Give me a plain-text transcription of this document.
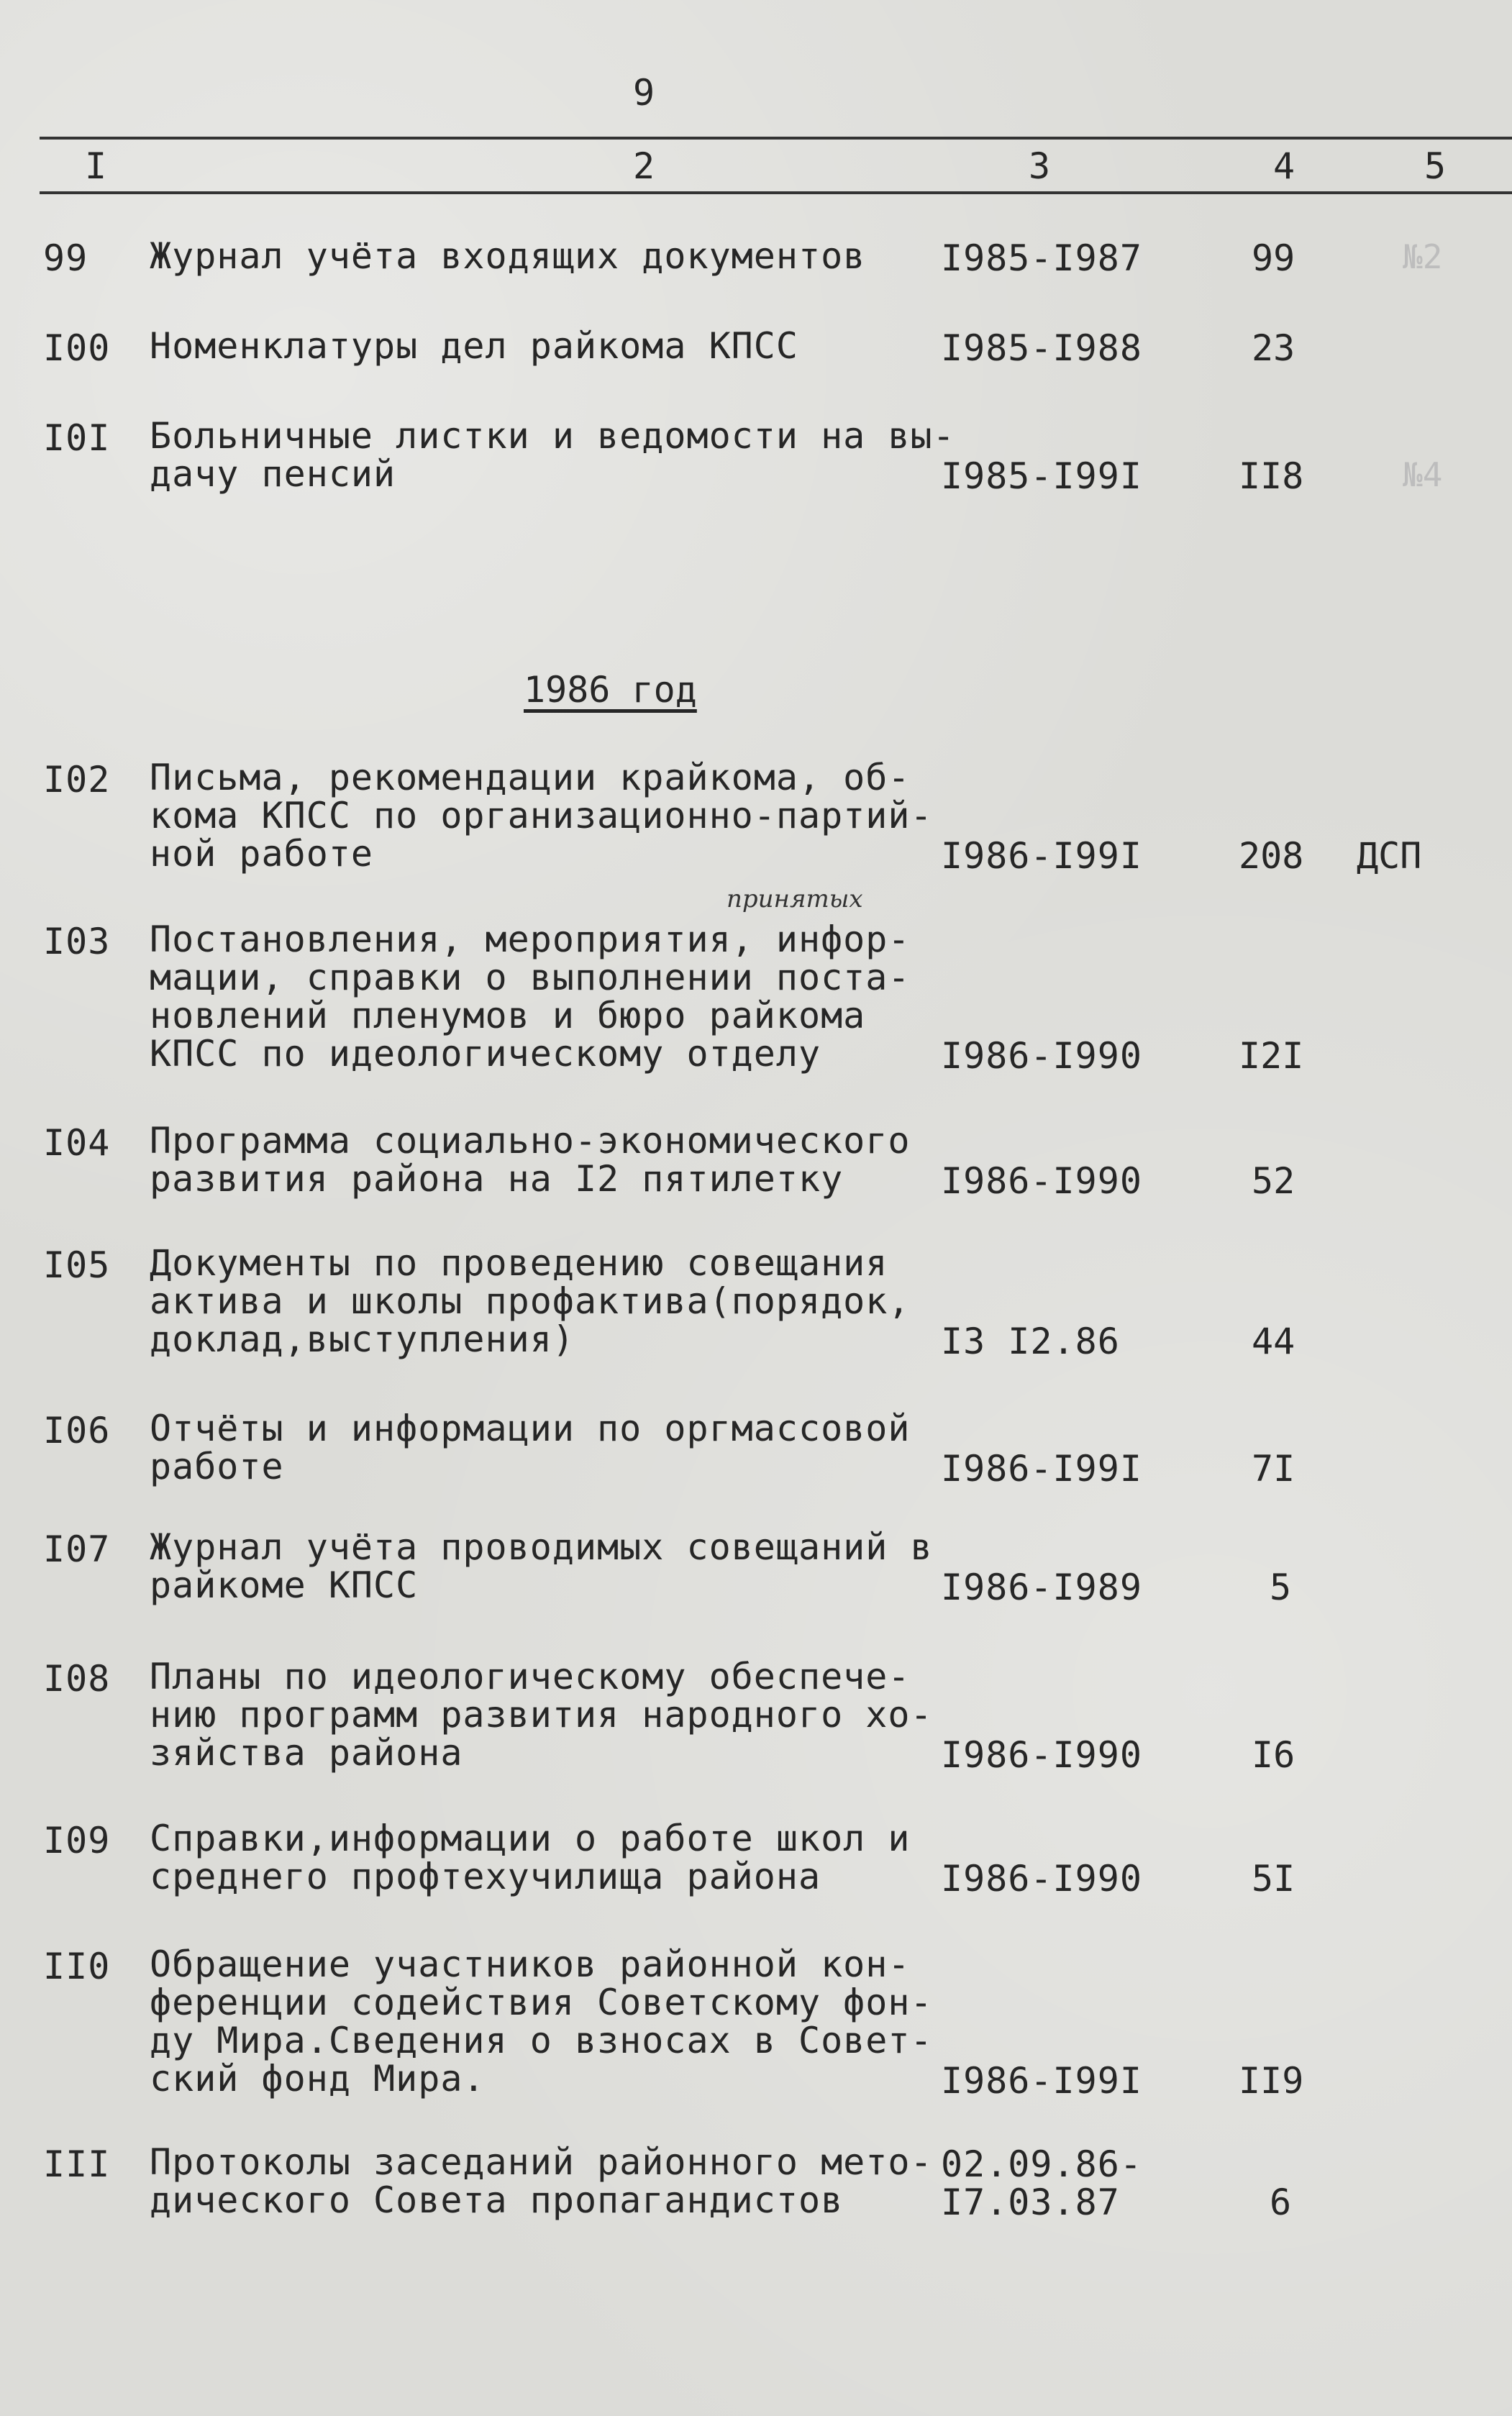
9
I	2	3	4	5
1986 год
принятых
99 Журнал учёта входящих документов I985-I987	99	№2
I00 Номенклатуры дел райкома КПСС	I985-I988	23
I0I Больничные листки и ведомости на вы-
дачу пенсий	I985-I99I	II8	№4
I02 Письма, рекомендации крайкома, об-
кома КПСС по организационно-партий-
ной работе	I986-I99I	208 ДСП
I03 Постановления, мероприятия, инфор-
мации, справки о выполнении поста-
новлений пленумов и бюро райкома
КПСС по идеологическому отделу	I986-I990	I2I
I04 Программа социально-экономического
развития района на I2 пятилетку	I986-I990	52
I05 Документы по проведению совещания
актива и школы профактива(порядок,
доклад,выступления)	I3 I2.86	44
I06 Отчёты и информации по оргмассовой
работе	I986-I99I	7I
I07 Журнал учёта проводимых совещаний в
райкоме КПСС	I986-I989	5
I08 Планы по идеологическому обеспече-
нию программ развития народного хо-
зяйства района	I986-I990	I6
I09 Справки,информации о работе школ и
среднего профтехучилища района	I986-I990	5I
II0 Обращение участников районной кон-
ференции содействия Советскому фон-
ду Мира.Сведения о взносах в Совет-
ский фонд Мира.	I986-I99I	II9
III Протоколы заседаний районного мето-
дического Совета пропагандистов
02.09.86-
I7.03.87	6
